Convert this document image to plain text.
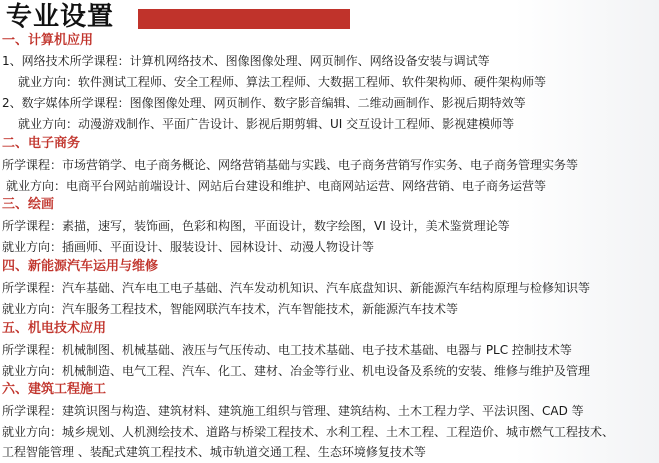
专业设置
一、计算机应用
1、网络技术所学课程：计算机网络技术、图像图像处理、网页制作、网络设备安装与调试等
就业方向：软件测试工程师、安全工程师、算法工程师、大数据工程师、软件架构师、硬件架构师等
2、数字媒体所学课程：图像图像处理、网页制作、数字影音编辑、二维动画制作、影视后期特效等
就业方向：动漫游戏制作、平面广告设计、影视后期剪辑、UI 交互设计工程师、影视建模师等
二、电子商务
所学课程：市场营销学、电子商务概论、网络营销基础与实践、电子商务营销写作实务、电子商务管理实务等
就业方向：电商平台网站前端设计、网站后台建设和维护、电商网站运营、网络营销、电子商务运营等
三、绘画
所学课程：素描，速写，装饰画，色彩和构图，平面设计，数字绘图，VI 设计，美术鉴赏理论等
就业方向：插画师、平面设计、服装设计、园林设计、动漫人物设计等
四、新能源汽车运用与维修
所学课程：汽车基础、汽车电工电子基础、汽车发动机知识、汽车底盘知识、新能源汽车结构原理与检修知识等
就业方向：汽车服务工程技术，智能网联汽车技术，汽车智能技术，新能源汽车技术等
五、机电技术应用
所学课程：机械制图、机械基础、液压与气压传动、电工技术基础、电子技术基础、电器与 PLC 控制技术等
就业方向：机械制造、电气工程、汽车、化工、建材、冶金等行业、机电设备及系统的安装、维修与维护及管理
六、建筑工程施工
所学课程：建筑识图与构造、建筑材料、建筑施工组织与管理、建筑结构、土木工程力学、平法识图、CAD 等
就业方向：城乡规划、人机测绘技术、道路与桥梁工程技术、水利工程、土木工程、工程造价、城市燃气工程技术、
工程智能管理 、装配式建筑工程技术、城市轨道交通工程、生态环境修复技术等
